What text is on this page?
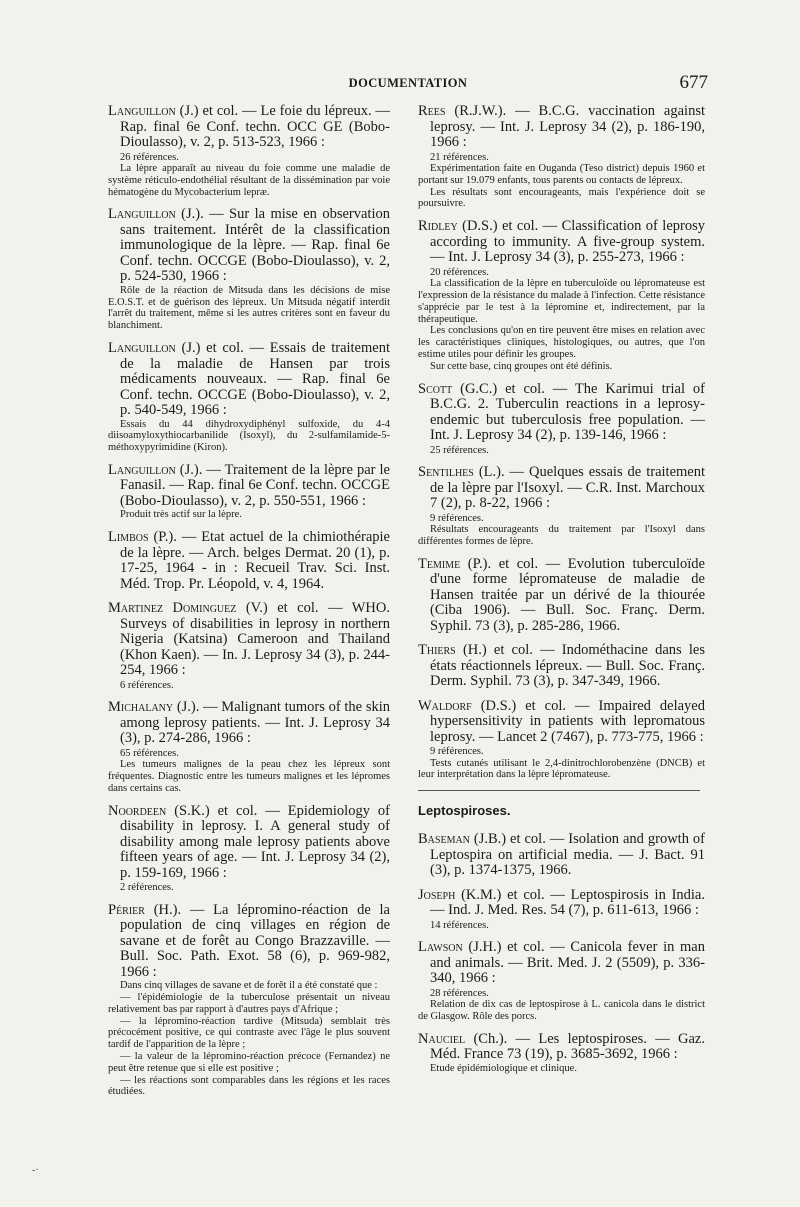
DOCUMENTATION	677

Languillon (J.) et col. — Le foie du lépreux. — Rap. final 6e Conf. techn. OCC GE (Bobo-Dioulasso), v. 2, p. 513-523, 1966 :

26 références.

La lèpre apparaît au niveau du foie comme une maladie de système réticulo-endothélial résultant de la dissémination par voie hématogène du Mycobacterium lepræ.

Languillon (J.). — Sur la mise en observation sans traitement. Intérêt de la classification immunologique de la lèpre. — Rap. final 6e Conf. techn. OCCGE (Bobo-Dioulasso), v. 2, p. 524-530, 1966 :

Rôle de la réaction de Mitsuda dans les décisions de mise E.O.S.T. et de guérison des lépreux. Un Mitsuda négatif interdit l'arrêt du traitement, même si les autres critères sont en faveur du blanchiment.

Languillon (J.) et col. — Essais de traitement de la maladie de Hansen par trois médicaments nouveaux. — Rap. final 6e Conf. techn. OCCGE (Bobo-Dioulasso), v. 2, p. 540-549, 1966 :

Essais du 44 dihydroxydiphényl sulfoxide, du 4-4 diisoamyloxythiocarbanilide (Isoxyl), du 2-sulfamilamide-5-méthoxypyrimidine (Kiron).

Languillon (J.). — Traitement de la lèpre par le Fanasil. — Rap. final 6e Conf. techn. OCCGE (Bobo-Dioulasso), v. 2, p. 550-551, 1966 :

Produit très actif sur la lèpre.

Limbos (P.). — Etat actuel de la chimiothérapie de la lèpre. — Arch. belges Dermat. 20 (1), p. 17-25, 1964 - in : Recueil Trav. Sci. Inst. Méd. Trop. Pr. Léopold, v. 4, 1964.

Martinez Dominguez (V.) et col. — WHO. Surveys of disabilities in leprosy in northern Nigeria (Katsina) Cameroon and Thailand (Khon Kaen). — In. J. Leprosy 34 (3), p. 244-254, 1966 :

6 références.

Michalany (J.). — Malignant tumors of the skin among leprosy patients. — Int. J. Leprosy 34 (3), p. 274-286, 1966 :

65 références.

Les tumeurs malignes de la peau chez les lépreux sont fréquentes. Diagnostic entre les tumeurs malignes et les lépromes dans certains cas.

Noordeen (S.K.) et col. — Epidemiology of disability in leprosy. I. A general study of disability among male leprosy patients above fifteen years of age. — Int. J. Leprosy 34 (2), p. 159-169, 1966 :

2 références.

Périer (H.). — La lépromino-réaction de la population de cinq villages en région de savane et de forêt au Congo Brazzaville. — Bull. Soc. Path. Exot. 58 (6), p. 969-982, 1966 :

Dans cinq villages de savane et de forêt il a été constaté que :

— l'épidémiologie de la tuberculose présentait un niveau relativement bas par rapport à d'autres pays d'Afrique ;

— la lépromino-réaction tardive (Mitsuda) semblait très précocément positive, ce qui contraste avec l'âge le plus souvent tardif de l'apparition de la lèpre ;

— la valeur de la lépromino-réaction précoce (Fernandez) ne peut être retenue que si elle est positive ;

— les réactions sont comparables dans les régions et les races étudiées.

Rees (R.J.W.). — B.C.G. vaccination against leprosy. — Int. J. Leprosy 34 (2), p. 186-190, 1966 :

21 références.

Expérimentation faite en Ouganda (Teso district) depuis 1960 et portant sur 19.079 enfants, tous parents ou contacts de lépreux.

Les résultats sont encourageants, mais l'expérience doit se poursuivre.

Ridley (D.S.) et col. — Classification of leprosy according to immunity. A five-group system. — Int. J. Leprosy 34 (3), p. 255-273, 1966 :

20 références.

La classification de la lèpre en tuberculoïde ou lépromateuse est l'expression de la résistance du malade à l'infection. Cette résistance s'apprécie par le test à la lépromine et, indirectement, par la thérapeutique.

Les conclusions qu'on en tire peuvent être mises en relation avec les caractéristiques cliniques, histologiques, ou autres, que l'on estime utiles pour définir les groupes.

Sur cette base, cinq groupes ont été définis.

Scott (G.C.) et col. — The Karimui trial of B.C.G. 2. Tuberculin reactions in a leprosy-endemic but tuberculosis free population. — Int. J. Leprosy 34 (2), p. 139-146, 1966 :

25 références.

Sentilhes (L.). — Quelques essais de traitement de la lèpre par l'Isoxyl. — C.R. Inst. Marchoux 7 (2), p. 8-22, 1966 :

9 références.

Résultats encourageants du traitement par l'Isoxyl dans différentes formes de lèpre.

Temime (P.). et col. — Evolution tuberculoïde d'une forme lépromateuse de maladie de Hansen traitée par un dérivé de la thiourée (Ciba 1906). — Bull. Soc. Franç. Derm. Syphil. 73 (3), p. 285-286, 1966.

Thiers (H.) et col. — Indométhacine dans les états réactionnels lépreux. — Bull. Soc. Franç. Derm. Syphil. 73 (3), p. 347-349, 1966.

Waldorf (D.S.) et col. — Impaired delayed hypersensitivity in patients with lepromatous leprosy. — Lancet 2 (7467), p. 773-775, 1966 :

9 références.

Tests cutanés utilisant le 2,4-dinitrochlorobenzène (DNCB) et leur interprétation dans la lèpre lépromateuse.

Leptospiroses.

Baseman (J.B.) et col. — Isolation and growth of Leptospira on artificial media. — J. Bact. 91 (3), p. 1374-1375, 1966.

Joseph (K.M.) et col. — Leptospirosis in India. — Ind. J. Med. Res. 54 (7), p. 611-613, 1966 :

14 références.

Lawson (J.H.) et col. — Canicola fever in man and animals. — Brit. Med. J. 2 (5509), p. 336-340, 1966 :

28 références.

Relation de dix cas de leptospirose à L. canicola dans le district de Glasgow. Rôle des porcs.

Nauciel (Ch.). — Les leptospiroses. — Gaz. Méd. France 73 (19), p. 3685-3692, 1966 :

Etude épidémiologique et clinique.

-·
